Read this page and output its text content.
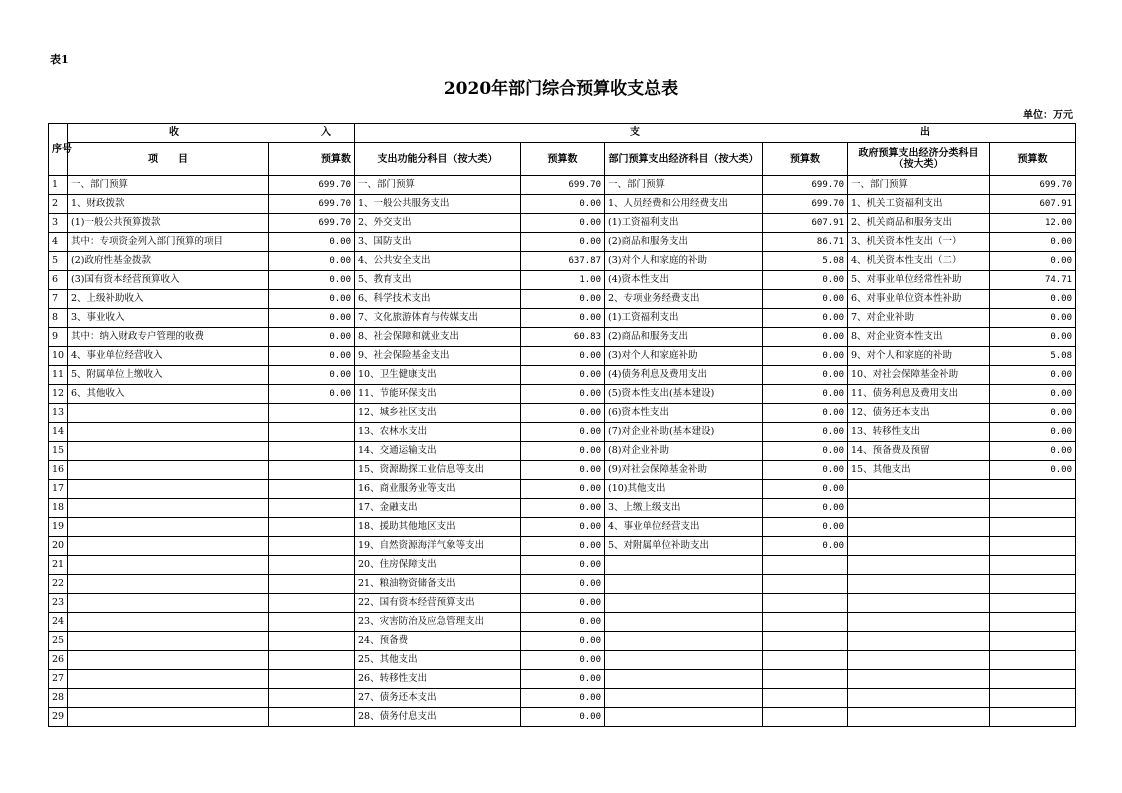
表1
2020年部门综合预算收支总表
单位：万元
序号	收 入		支 出					
	项　　目	预算数	支出功能分科目（按大类）	预算数	部门预算支出经济科目（按大类）	预算数	政府预算支出经济分类科目（按大类）	预算数
1	一、部门预算	699.70	一、部门预算	699.70	一、部门预算	699.70	一、部门预算	699.70
2	1、财政拨款	699.70	1、一般公共服务支出	0.00	1、人员经费和公用经费支出	699.70	1、机关工资福利支出	607.91
3	(1)一般公共预算拨款	699.70	2、外交支出	0.00	(1)工资福利支出	607.91	2、机关商品和服务支出	12.00
4	其中：专项资金列入部门预算的项目	0.00	3、国防支出	0.00	(2)商品和服务支出	86.71	3、机关资本性支出（一）	0.00
5	(2)政府性基金拨款	0.00	4、公共安全支出	637.87	(3)对个人和家庭的补助	5.08	4、机关资本性支出（二）	0.00
6	(3)国有资本经营预算收入	0.00	5、教育支出	1.00	(4)资本性支出	0.00	5、对事业单位经常性补助	74.71
7	2、上级补助收入	0.00	6、科学技术支出	0.00	2、专项业务经费支出	0.00	6、对事业单位资本性补助	0.00
8	3、事业收入	0.00	7、文化旅游体育与传媒支出	0.00	(1)工资福利支出	0.00	7、对企业补助	0.00
9	其中：纳入财政专户管理的收费	0.00	8、社会保障和就业支出	60.83	(2)商品和服务支出	0.00	8、对企业资本性支出	0.00
10	4、事业单位经营收入	0.00	9、社会保险基金支出	0.00	(3)对个人和家庭补助	0.00	9、对个人和家庭的补助	5.08
11	5、附属单位上缴收入	0.00	10、卫生健康支出	0.00	(4)债务利息及费用支出	0.00	10、对社会保障基金补助	0.00
12	6、其他收入	0.00	11、节能环保支出	0.00	(5)资本性支出(基本建设)	0.00	11、债务利息及费用支出	0.00
13			12、城乡社区支出	0.00	(6)资本性支出	0.00	12、债务还本支出	0.00
14			13、农林水支出	0.00	(7)对企业补助(基本建设)	0.00	13、转移性支出	0.00
15			14、交通运输支出	0.00	(8)对企业补助	0.00	14、预备费及预留	0.00
16			15、资源勘探工业信息等支出	0.00	(9)对社会保障基金补助	0.00	15、其他支出	0.00
17			16、商业服务业等支出	0.00	(10)其他支出	0.00		
18			17、金融支出	0.00	3、上缴上级支出	0.00		
19			18、援助其他地区支出	0.00	4、事业单位经营支出	0.00		
20			19、自然资源海洋气象等支出	0.00	5、对附属单位补助支出	0.00		
21			20、住房保障支出	0.00				
22			21、粮油物资储备支出	0.00				
23			22、国有资本经营预算支出	0.00				
24			23、灾害防治及应急管理支出	0.00				
25			24、预备费	0.00				
26			25、其他支出	0.00				
27			26、转移性支出	0.00				
28			27、债务还本支出	0.00				
29			28、债务付息支出	0.00				
